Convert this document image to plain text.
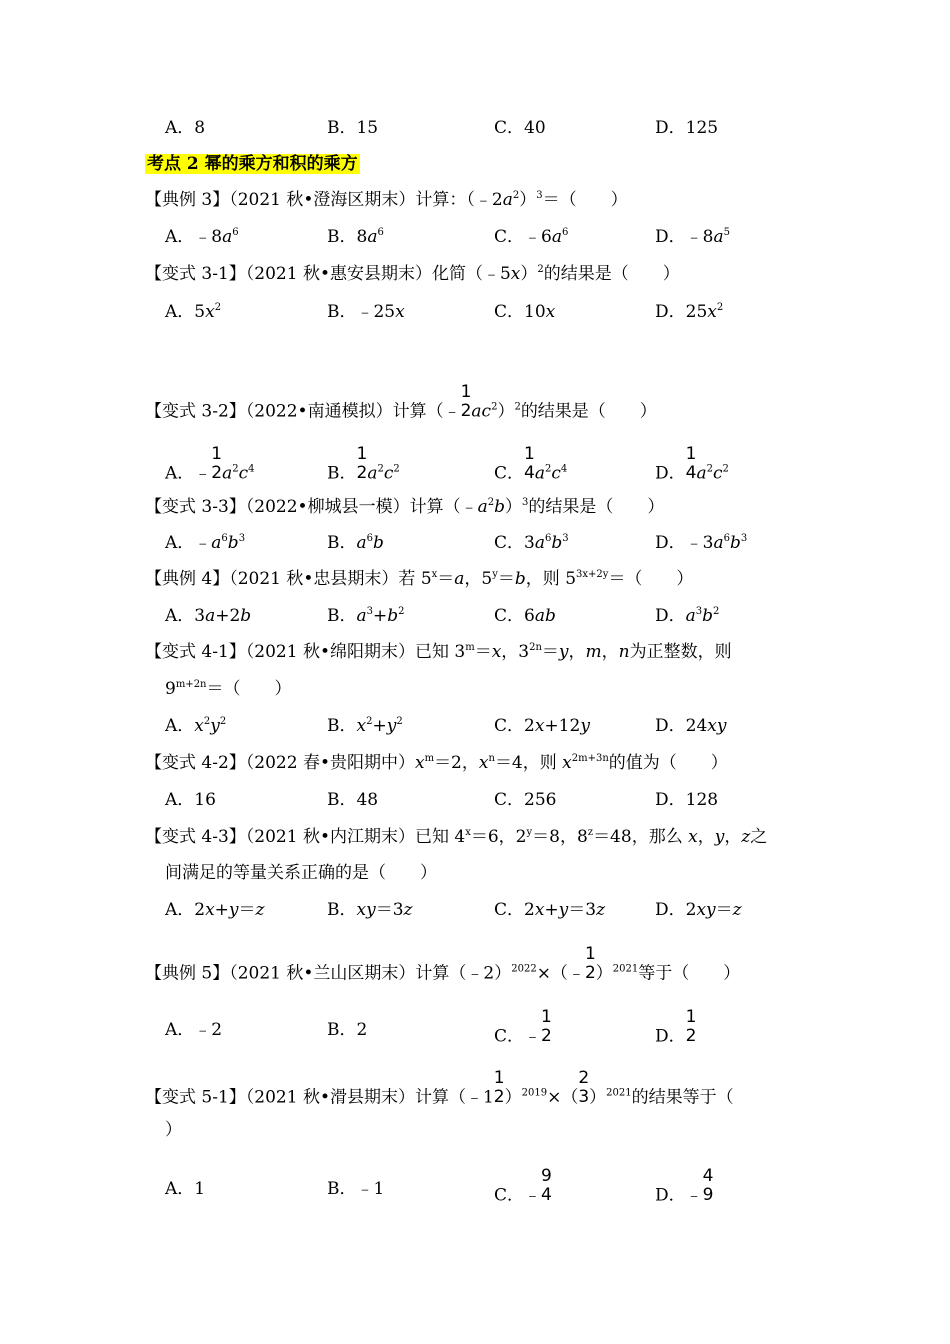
A．8	B．15	C．40	D．125
考点 2 幂的乘方和积的乘方
【典例 3】（2021 秋•澄海区期末）计算：$(﹣2a^2)^3=$（　　）
A．$﹣8a^6$	B．$8a^6$	C．$﹣6a^6$	D．$﹣8a^5$
【变式 3-1】（2021 秋•惠安县期末）化简（﹣5x）$^2$的结果是（　　）
A．$5x^2$	B．﹣25x	C．10x	D．$25x^2$
【变式 3-2】（2022•南通模拟）计算（﹣
1
2 $ac^2)^2$的结果是（　　）
A．﹣
1
2 $a^2c^4$	B．
1
2 $a^2c^2$	C．
1
4 $a^2c^4$	D．
1
4 $a^2c^2$
【变式 3-3】（2022•柳城县一模）计算$(﹣a^2b)^3$的结果是（　　）
A．$﹣a^6b^3$	B．$a^6b$	C．$3a^6b^3$	D．$﹣3a^6b^3$
【典例 4】（2021 秋•忠县期末）若 $5^x=a$，$5^y=b$，则 $5^{3x+2y}=$（　　）
A．3a+2b	B．$a^3+b^2$	C．6ab	D．$a^3b^2$
【变式 4-1】（2021 秋•绵阳期末）已知 $3^m=x$，$3^{2n}=y$，m，n为正整数，则
$9^{m+2n}=$（　　）
A．$x^2y^2$	B．$x^2+y^2$	C．2x+12y	D．24xy
【变式 4-2】（2022 春•贵阳期中）$x^m=2$，$x^n=4$，则 $x^{2m+3n}$的值为（　　）
A．16	B．48	C．256	D．128
【变式 4-3】（2021 秋•内江期末）已知 $4^x=6$，$2^y=8$，$8^z=48$，那么 x，y，z之
间满足的等量关系正确的是（　　）
A．2x+y＝z	B．xy＝3z	C．2x+y＝3z	D．2xy＝z
【典例 5】（2021 秋•兰山区期末）计算（﹣2）$^{2022}$×（﹣
1
2 ）$^{2021}$等于（　　）
A．﹣2	B．2	C．﹣
1
2	D．
1
2
【变式 5-1】（2021 秋•滑县期末）计算（﹣1
1
2 ）$^{2019}$×（
2
3 ）$^{2021}$的结果等于（
）
A．1	B．﹣1	C．﹣
9
4	D．﹣
4
9
